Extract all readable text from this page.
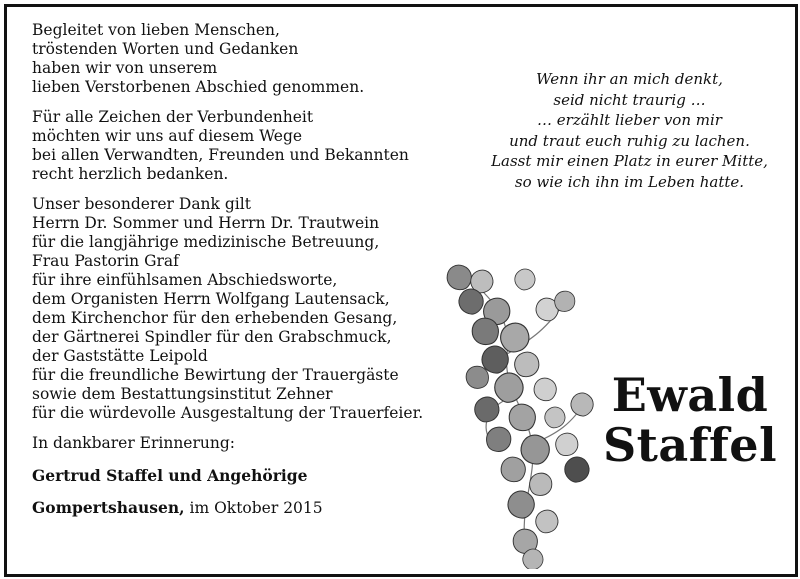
Begleitet von lieben Menschen,
tröstenden Worten und Gedanken
haben wir von unserem
lieben Verstorbenen Abschied genommen.

Für alle Zeichen der Verbundenheit
möchten wir uns auf diesem Wege
bei allen Verwandten, Freunden und Bekannten
recht herzlich bedanken.

Unser besonderer Dank gilt
Herrn Dr. Sommer und Herrn Dr. Trautwein
für die langjährige medizinische Betreuung,
Frau Pastorin Graf
für ihre einfühlsamen Abschiedsworte,
dem Organisten Herrn Wolfgang Lautensack,
dem Kirchenchor für den erhebenden Gesang,
der Gärtnerei Spindler für den Grabschmuck,
der Gaststätte Leipold
für die freundliche Bewirtung der Trauergäste
sowie dem Bestattungsinstitut Zehner
für die würdevolle Ausgestaltung der Trauerfeier.

In dankbarer Erinnerung:
Gertrud Staffel und Angehörige
Gompertshausen, im Oktober 2015
Wenn ihr an mich denkt,
seid nicht traurig …
… erzählt lieber von mir
und traut euch ruhig zu lachen.
Lasst mir einen Platz in eurer Mitte,
so wie ich ihn im Leben hatte.
Ewald
Staffel
